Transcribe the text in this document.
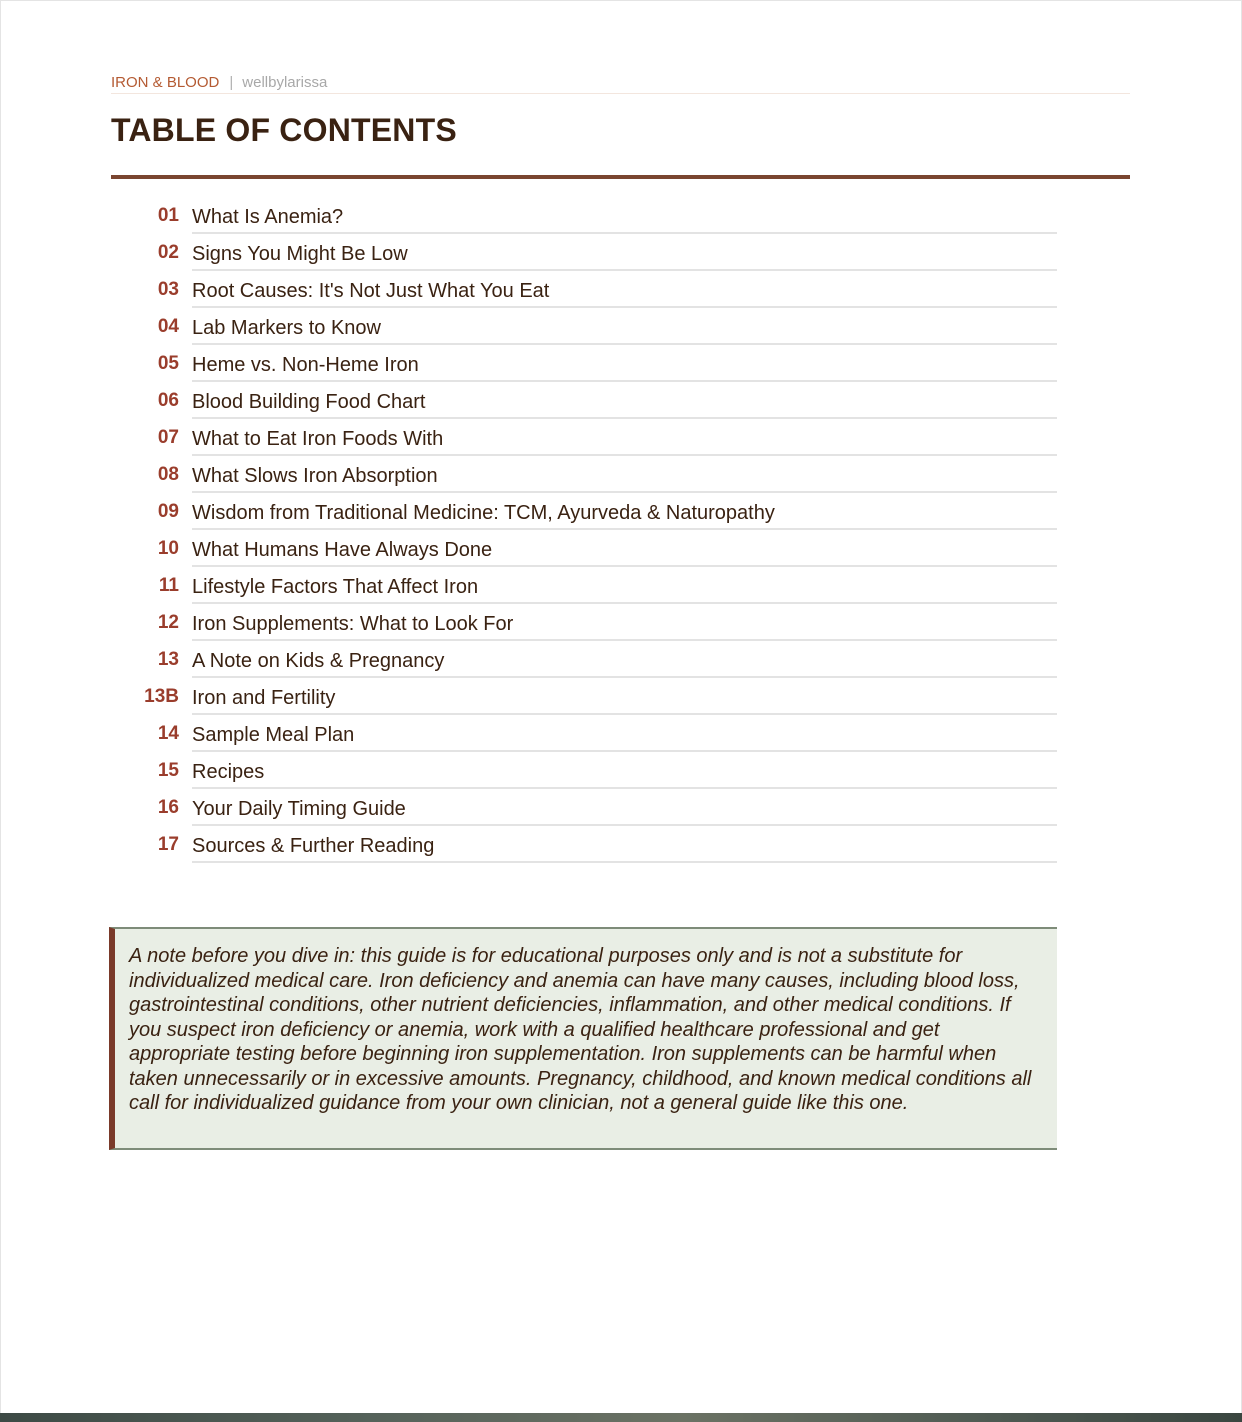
IRON & BLOOD | wellbylarissa
TABLE OF CONTENTS
01 What Is Anemia?
02 Signs You Might Be Low
03 Root Causes: It's Not Just What You Eat
04 Lab Markers to Know
05 Heme vs. Non-Heme Iron
06 Blood Building Food Chart
07 What to Eat Iron Foods With
08 What Slows Iron Absorption
09 Wisdom from Traditional Medicine: TCM, Ayurveda & Naturopathy
10 What Humans Have Always Done
11 Lifestyle Factors That Affect Iron
12 Iron Supplements: What to Look For
13 A Note on Kids & Pregnancy
13B Iron and Fertility
14 Sample Meal Plan
15 Recipes
16 Your Daily Timing Guide
17 Sources & Further Reading

A note before you dive in: this guide is for educational purposes only and is not a substitute for individualized medical care. Iron deficiency and anemia can have many causes, including blood loss, gastrointestinal conditions, other nutrient deficiencies, inflammation, and other medical conditions. If you suspect iron deficiency or anemia, work with a qualified healthcare professional and get appropriate testing before beginning iron supplementation. Iron supplements can be harmful when taken unnecessarily or in excessive amounts. Pregnancy, childhood, and known medical conditions all call for individualized guidance from your own clinician, not a general guide like this one.
